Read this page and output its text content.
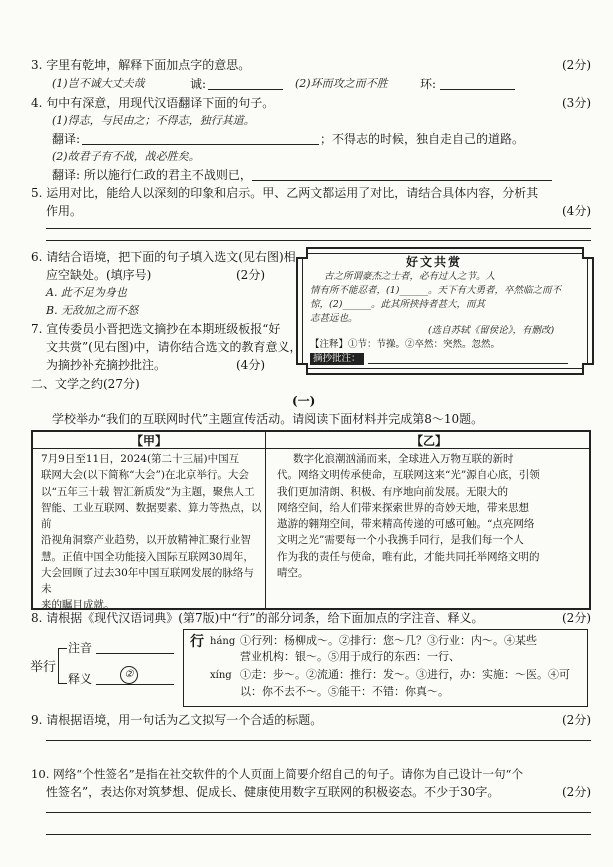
3. 字里有乾坤，解释下面加点字的意思。	(2分)
(1)岂不诚大丈夫哉	诚:	(2)环而攻之而不胜	环:
4. 句中有深意，用现代汉语翻译下面的句子。	(3分)
(1)得志，与民由之；不得志，独行其道。
翻译:	；不得志的时候，独自走自己的道路。
(2)故君子有不战，战必胜矣。
翻译: 所以施行仁政的君主不战则已，
5. 运用对比，能给人以深刻的印象和启示。甲、乙两文都运用了对比，请结合具体内容，分析其
作用。	(4分)
6. 请结合语境，把下面的句子填入选文(见右图)相
应空缺处。(填序号)	(2分)
A. 此不足为身也
B. 无敌加之而不怒
7. 宣传委员小晋把选文摘抄在本期班级板报“好
文共赏”(见右图)中，请你结合选文的教育意义，
为摘抄补充摘抄批注。	(4分)
好文共赏
古之所谓豪杰之士者，必有过人之节。人
情有所不能忍者，(1)______。天下有大勇者，卒然临之而不
惊，(2)______。此其所挟持者甚大，而其
志甚远也。
(选自苏轼《留侯论》，有删改)
【注释】①节：节操。②卒然：突然。忽然。
摘抄批注：
二、文学之约(27分)
(一)
学校举办“我们的互联网时代”主题宣传活动。请阅读下面材料并完成第8～10题。
【甲】
7月9日至11日，2024(第二十三届)中国互
联网大会(以下简称“大会”)在北京举行。大会
以“五年三十载 智汇新质发”为主题，聚焦人工
智能、工业互联网、数据要素、算力等热点，以前
沿视角洞察产业趋势，以开放精神汇聚行业智
慧。正值中国全功能接入国际互联网30周年，
大会回顾了过去30年中国互联网发展的脉络与未
来的瞩目成就。
【乙】
数字化浪潮汹涌而来，全球进入万物互联的新时
代。网络文明传承使命，互联网这来“光”源自心底，引领
我们更加清朗、积极、有序地向前发展。无限大的
网络空间，给人们带来探索世界的奇妙天地，带来思想
遨游的翱翔空间，带来精高传递的可感可触。“点亮网络
文明之光”需要每一个小我携手同行，是我们每一个人
作为我的责任与使命，唯有此，才能共同托举网络文明的
晴空。
8. 请根据《现代汉语词典》(第7版)中“行”的部分词条，给下面加点的字注音、释义。	(2分)
举行
注音
释义	②
行 háng ①行列：杨柳成～。②排行：您～几？③行业：内～。④某些
营业机构：银～。⑤用于成行的东西：一行、
xíng ①走：步～。②流通：推行：发～。③进行，办：实施：～医。④可
以：你不去不～。⑤能干：不错：你真～。
9. 请根据语境，用一句话为乙文拟写一个合适的标题。	(2分)
10. 网络“个性签名”是指在社交软件的个人页面上简要介绍自己的句子。请你为自己设计一句“个
性签名”，表达你对筑梦想、促成长、健康使用数字互联网的积极姿态。不少于30字。	(2分)
